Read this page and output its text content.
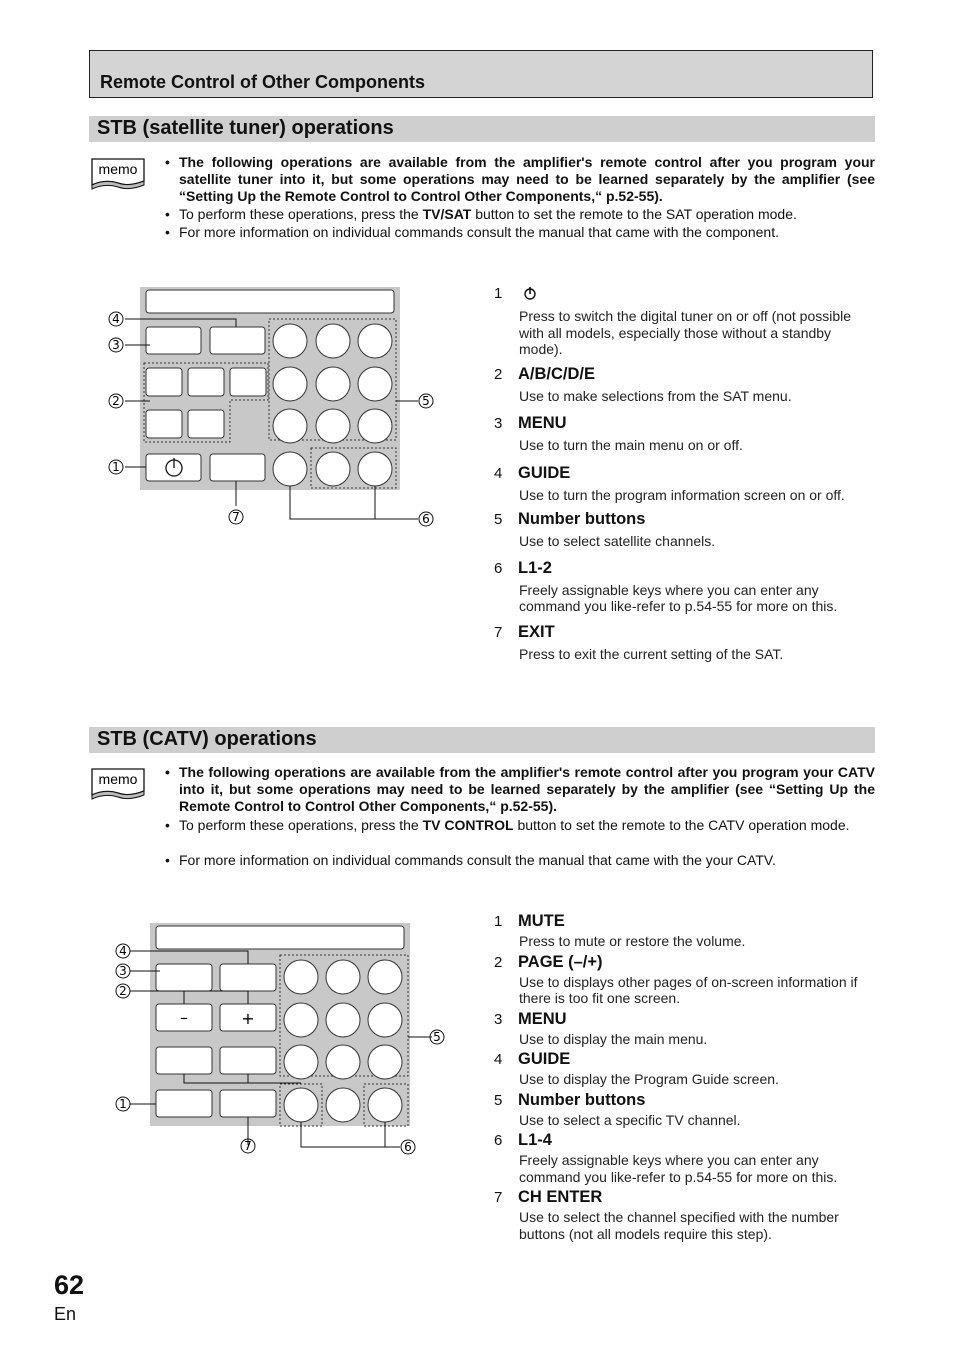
Remote Control of Other Components
STB (satellite tuner) operations
memo • The following operations are available from the amplifier's remote control after you program your satellite tuner into it, but some operations may need to be learned separately by the amplifier (see “Setting Up the Remote Control to Control Other Components,“ p.52-55).
• To perform these operations, press the TV/SAT button to set the remote to the SAT operation mode.
• For more information on individual commands consult the manual that came with the component.
4
3
2
1
7
5
6
1
Press to switch the digital tuner on or off (not possible with all models, especially those without a standby mode).
2 A/B/C/D/E
Use to make selections from the SAT menu.
3 MENU
Use to turn the main menu on or off.
4 GUIDE
Use to turn the program information screen on or off.
5 Number buttons
Use to select satellite channels.
6 L1-2
Freely assignable keys where you can enter any command you like-refer to p.54-55 for more on this.
7 EXIT
Press to exit the current setting of the SAT.
STB (CATV) operations
memo • The following operations are available from the amplifier's remote control after you program your CATV into it, but some operations may need to be learned separately by the amplifier (see “Setting Up the Remote Control to Control Other Components,“ p.52-55).
• To perform these operations, press the TV CONTROL button to set the remote to the CATV operation mode.
• For more information on individual commands consult the manual that came with the your CATV.
–	+
4
3
2
1
7
5
6
1 MUTE
Press to mute or restore the volume.
2 PAGE (–/+)
Use to displays other pages of on-screen information if there is too fit one screen.
3 MENU
Use to display the main menu.
4 GUIDE
Use to display the Program Guide screen.
5 Number buttons
Use to select a specific TV channel.
6 L1-4
Freely assignable keys where you can enter any command you like-refer to p.54-55 for more on this.
7 CH ENTER
Use to select the channel specified with the number buttons (not all models require this step).
62
En
